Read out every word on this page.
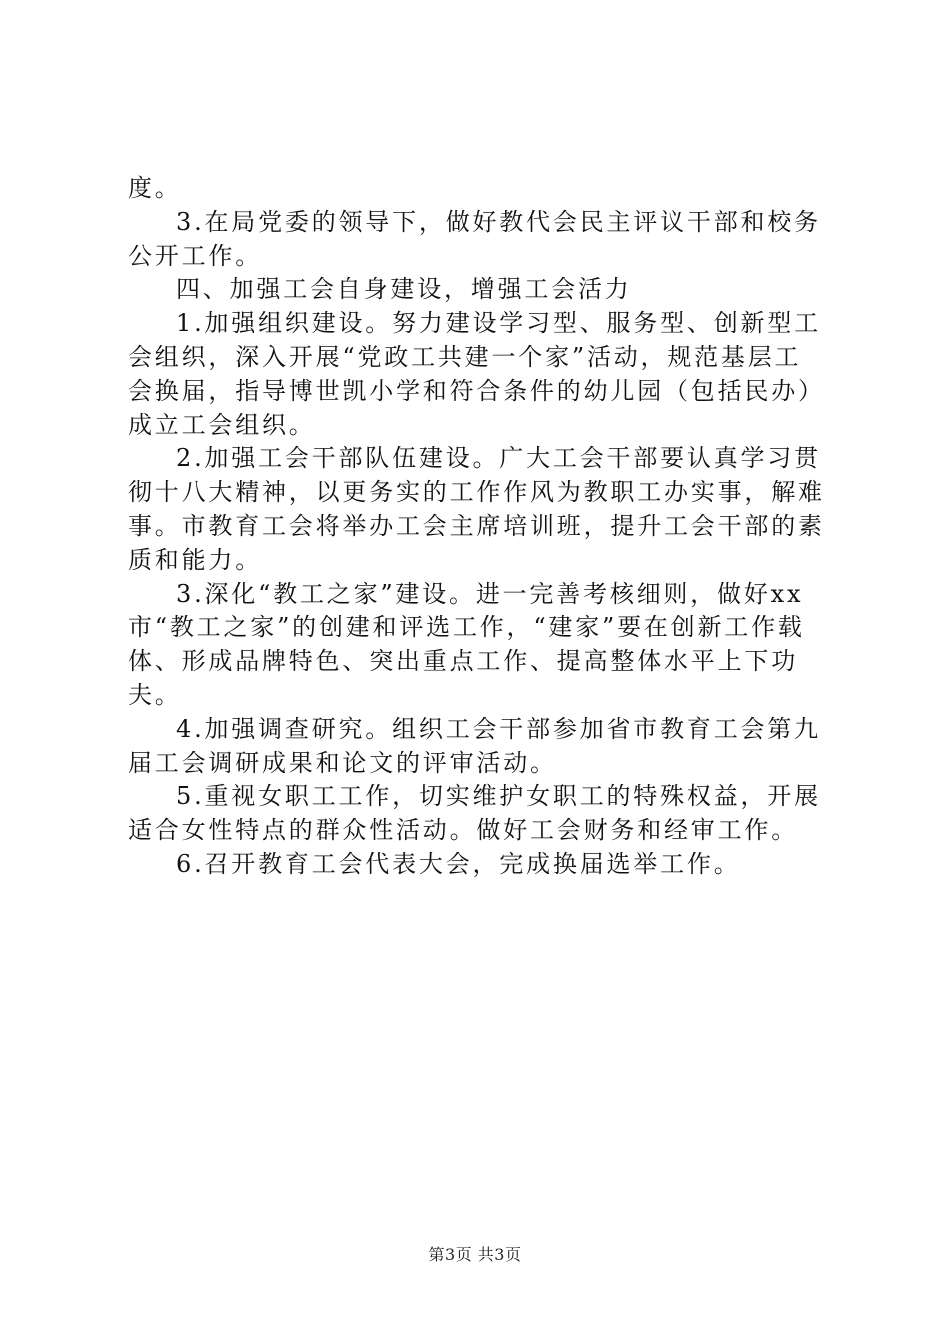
度。

3.在局党委的领导下，做好教代会民主评议干部和校务公开工作。

四、加强工会自身建设，增强工会活力

1.加强组织建设。努力建设学习型、服务型、创新型工会组织，深入开展“党政工共建一个家”活动，规范基层工会换届，指导博世凯小学和符合条件的幼儿园（包括民办）成立工会组织。

2.加强工会干部队伍建设。广大工会干部要认真学习贯彻十八大精神，以更务实的工作作风为教职工办实事，解难事。市教育工会将举办工会主席培训班，提升工会干部的素质和能力。

3.深化“教工之家”建设。进一完善考核细则，做好xx市“教工之家”的创建和评选工作，“建家”要在创新工作载体、形成品牌特色、突出重点工作、提高整体水平上下功夫。

4.加强调查研究。组织工会干部参加省市教育工会第九届工会调研成果和论文的评审活动。

5.重视女职工工作，切实维护女职工的特殊权益，开展适合女性特点的群众性活动。做好工会财务和经审工作。

6.召开教育工会代表大会，完成换届选举工作。

第3页 共3页
